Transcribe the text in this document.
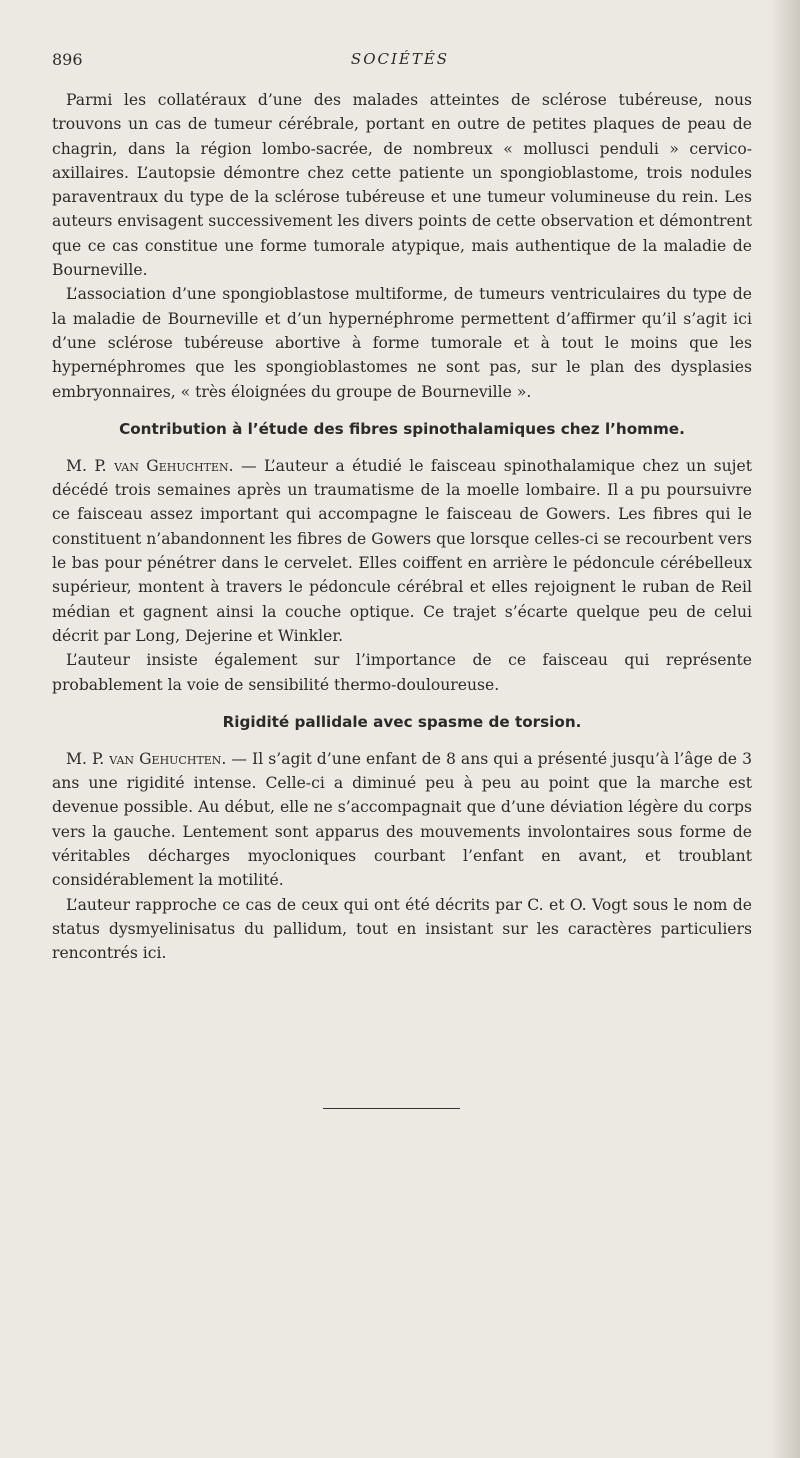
896	SOCIÉTÉS

Parmi les collatéraux d’une des malades atteintes de sclérose tubéreuse, nous trouvons un cas de tumeur cérébrale, portant en outre de petites plaques de peau de chagrin, dans la région lombo-sacrée, de nombreux « mollusci penduli » cervico-axillaires. L’autopsie démontre chez cette patiente un spongioblastome, trois nodules paraventraux du type de la sclérose tubéreuse et une tumeur volumineuse du rein. Les auteurs envisagent successivement les divers points de cette observation et démontrent que ce cas constitue une forme tumorale atypique, mais authentique de la maladie de Bourneville.

L’association d’une spongioblastose multiforme, de tumeurs ventriculaires du type de la maladie de Bourneville et d’un hypernéphrome permettent d’affirmer qu’il s’agit ici d’une sclérose tubéreuse abortive à forme tumorale et à tout le moins que les hypernéphromes que les spongioblastomes ne sont pas, sur le plan des dysplasies embryonnaires, « très éloignées du groupe de Bourneville ».

Contribution à l’étude des fibres spinothalamiques chez l’homme.

M. P. van Gehuchten. — L’auteur a étudié le faisceau spinothalamique chez un sujet décédé trois semaines après un traumatisme de la moelle lombaire. Il a pu poursuivre ce faisceau assez important qui accompagne le faisceau de Gowers. Les fibres qui le constituent n’abandonnent les fibres de Gowers que lorsque celles-ci se recourbent vers le bas pour pénétrer dans le cervelet. Elles coiffent en arrière le pédoncule cérébelleux supérieur, montent à travers le pédoncule cérébral et elles rejoignent le ruban de Reil médian et gagnent ainsi la couche optique. Ce trajet s’écarte quelque peu de celui décrit par Long, Dejerine et Winkler.

L’auteur insiste également sur l’importance de ce faisceau qui représente probablement la voie de sensibilité thermo-douloureuse.

Rigidité pallidale avec spasme de torsion.

M. P. van Gehuchten. — Il s’agit d’une enfant de 8 ans qui a présenté jusqu’à l’âge de 3 ans une rigidité intense. Celle-ci a diminué peu à peu au point que la marche est devenue possible. Au début, elle ne s’accompagnait que d’une déviation légère du corps vers la gauche. Lentement sont apparus des mouvements involontaires sous forme de véritables décharges myocloniques courbant l’enfant en avant, et troublant considérablement la motilité.

L’auteur rapproche ce cas de ceux qui ont été décrits par C. et O. Vogt sous le nom de status dysmyelinisatus du pallidum, tout en insistant sur les caractères particuliers rencontrés ici.
